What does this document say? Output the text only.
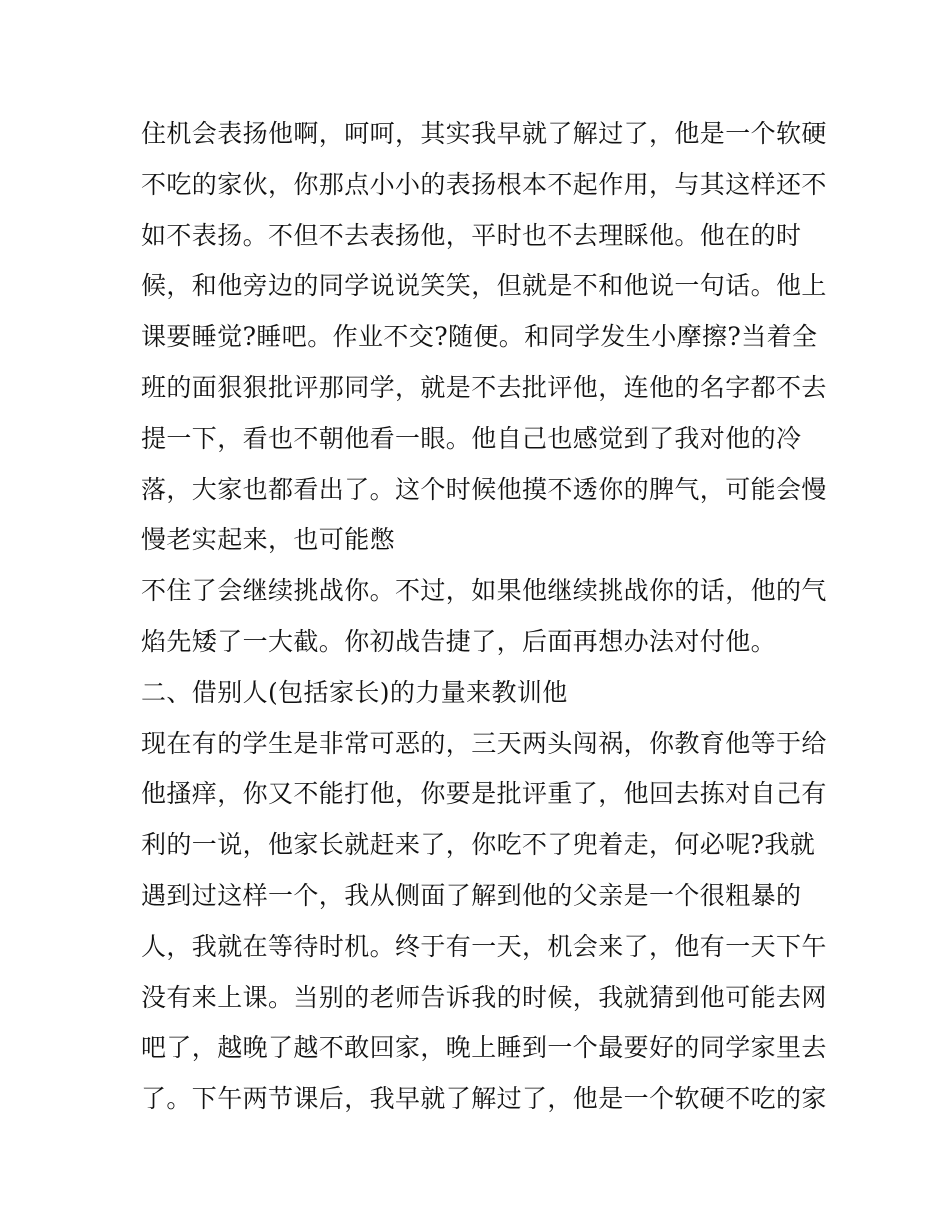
住机会表扬他啊，呵呵，其实我早就了解过了，他是一个软硬
不吃的家伙，你那点小小的表扬根本不起作用，与其这样还不
如不表扬。不但不去表扬他，平时也不去理睬他。他在的时
候，和他旁边的同学说说笑笑，但就是不和他说一句话。他上
课要睡觉?睡吧。作业不交?随便。和同学发生小摩擦?当着全
班的面狠狠批评那同学，就是不去批评他，连他的名字都不去
提一下，看也不朝他看一眼。他自己也感觉到了我对他的冷
落，大家也都看出了。这个时候他摸不透你的脾气，可能会慢
慢老实起来，也可能憋
不住了会继续挑战你。不过，如果他继续挑战你的话，他的气
焰先矮了一大截。你初战告捷了，后面再想办法对付他。
二、借别人(包括家长)的力量来教训他
现在有的学生是非常可恶的，三天两头闯祸，你教育他等于给
他搔痒，你又不能打他，你要是批评重了，他回去拣对自己有
利的一说，他家长就赶来了，你吃不了兜着走，何必呢?我就
遇到过这样一个，我从侧面了解到他的父亲是一个很粗暴的
人，我就在等待时机。终于有一天，机会来了，他有一天下午
没有来上课。当别的老师告诉我的时候，我就猜到他可能去网
吧了，越晚了越不敢回家，晚上睡到一个最要好的同学家里去
了。下午两节课后，我早就了解过了，他是一个软硬不吃的家
